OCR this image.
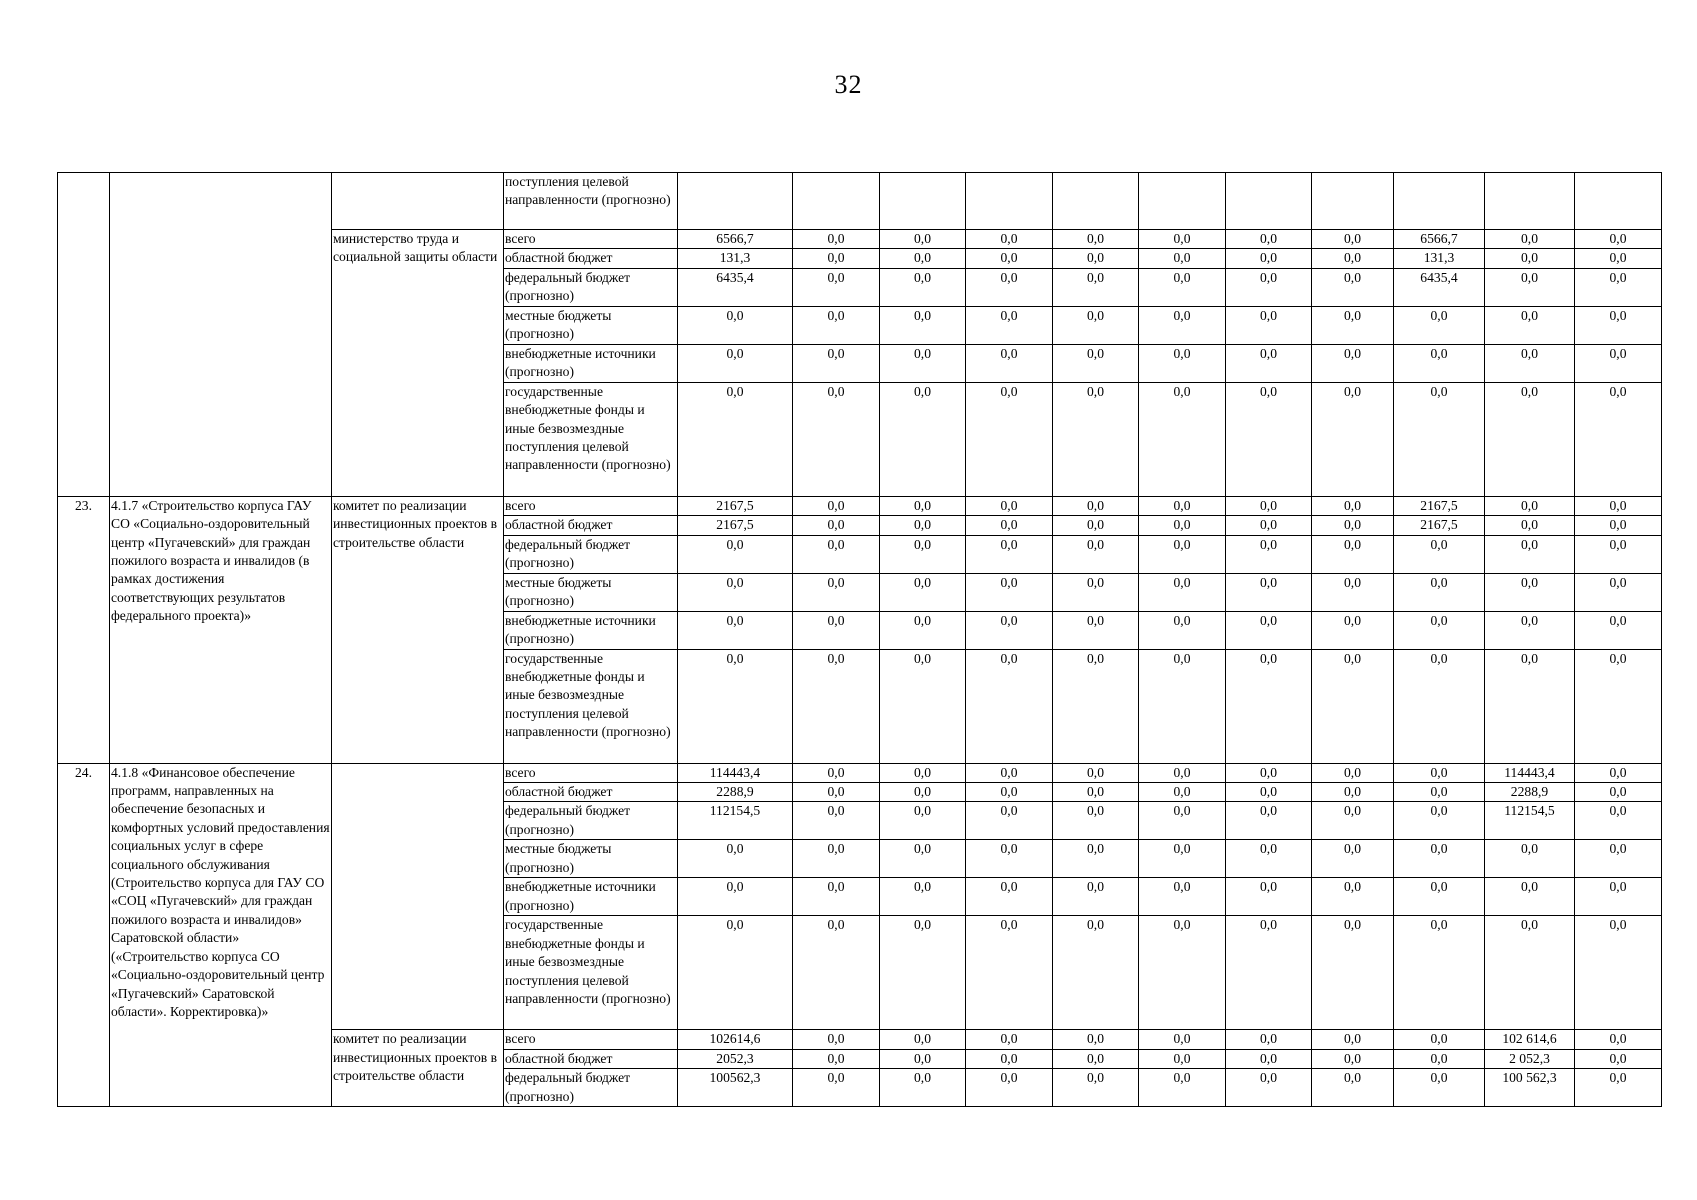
32
			поступления целевой направленности (прогнозно)											
		министерство труда и социальной защиты области	всего	6566,7	0,0	0,0	0,0	0,0	0,0	0,0	0,0	6566,7	0,0	0,0
			областной бюджет	131,3	0,0	0,0	0,0	0,0	0,0	0,0	0,0	131,3	0,0	0,0
			федеральный бюджет (прогнозно)	6435,4	0,0	0,0	0,0	0,0	0,0	0,0	0,0	6435,4	0,0	0,0
			местные бюджеты (прогнозно)	0,0	0,0	0,0	0,0	0,0	0,0	0,0	0,0	0,0	0,0	0,0
			внебюджетные источники (прогнозно)	0,0	0,0	0,0	0,0	0,0	0,0	0,0	0,0	0,0	0,0	0,0
			государственные внебюджетные фонды и иные безвозмездные поступления целевой направленности (прогнозно)	0,0	0,0	0,0	0,0	0,0	0,0	0,0	0,0	0,0	0,0	0,0
23.	4.1.7 «Строительство корпуса ГАУ СО «Социально-оздоровительный центр «Пугачевский» для граждан пожилого возраста и инвалидов (в рамках достижения соответствующих результатов федерального проекта)»	комитет по реализации инвестиционных проектов в строительстве области	всего	2167,5	0,0	0,0	0,0	0,0	0,0	0,0	0,0	2167,5	0,0	0,0
			областной бюджет	2167,5	0,0	0,0	0,0	0,0	0,0	0,0	0,0	2167,5	0,0	0,0
			федеральный бюджет (прогнозно)	0,0	0,0	0,0	0,0	0,0	0,0	0,0	0,0	0,0	0,0	0,0
			местные бюджеты (прогнозно)	0,0	0,0	0,0	0,0	0,0	0,0	0,0	0,0	0,0	0,0	0,0
			внебюджетные источники (прогнозно)	0,0	0,0	0,0	0,0	0,0	0,0	0,0	0,0	0,0	0,0	0,0
			государственные внебюджетные фонды и иные безвозмездные поступления целевой направленности (прогнозно)	0,0	0,0	0,0	0,0	0,0	0,0	0,0	0,0	0,0	0,0	0,0
24.	4.1.8 «Финансовое обеспечение программ, направленных на обеспечение безопасных и комфортных условий предоставления социальных услуг в сфере социального обслуживания (Строительство корпуса для ГАУ СО «СОЦ «Пугачевский» для граждан пожилого возраста и инвалидов» Саратовской области» («Строительство корпуса СО «Социально-оздоровительный центр «Пугачевский» Саратовской области». Корректировка)»		всего	114443,4	0,0	0,0	0,0	0,0	0,0	0,0	0,0	0,0	114443,4	0,0
			областной бюджет	2288,9	0,0	0,0	0,0	0,0	0,0	0,0	0,0	0,0	2288,9	0,0
			федеральный бюджет (прогнозно)	112154,5	0,0	0,0	0,0	0,0	0,0	0,0	0,0	0,0	112154,5	0,0
			местные бюджеты (прогнозно)	0,0	0,0	0,0	0,0	0,0	0,0	0,0	0,0	0,0	0,0	0,0
			внебюджетные источники (прогнозно)	0,0	0,0	0,0	0,0	0,0	0,0	0,0	0,0	0,0	0,0	0,0
			государственные внебюджетные фонды и иные безвозмездные поступления целевой направленности (прогнозно)	0,0	0,0	0,0	0,0	0,0	0,0	0,0	0,0	0,0	0,0	0,0
		комитет по реализации инвестиционных проектов в строительстве области	всего	102614,6	0,0	0,0	0,0	0,0	0,0	0,0	0,0	0,0	102 614,6	0,0
			областной бюджет	2052,3	0,0	0,0	0,0	0,0	0,0	0,0	0,0	0,0	2 052,3	0,0
			федеральный бюджет (прогнозно)	100562,3	0,0	0,0	0,0	0,0	0,0	0,0	0,0	0,0	100 562,3	0,0
